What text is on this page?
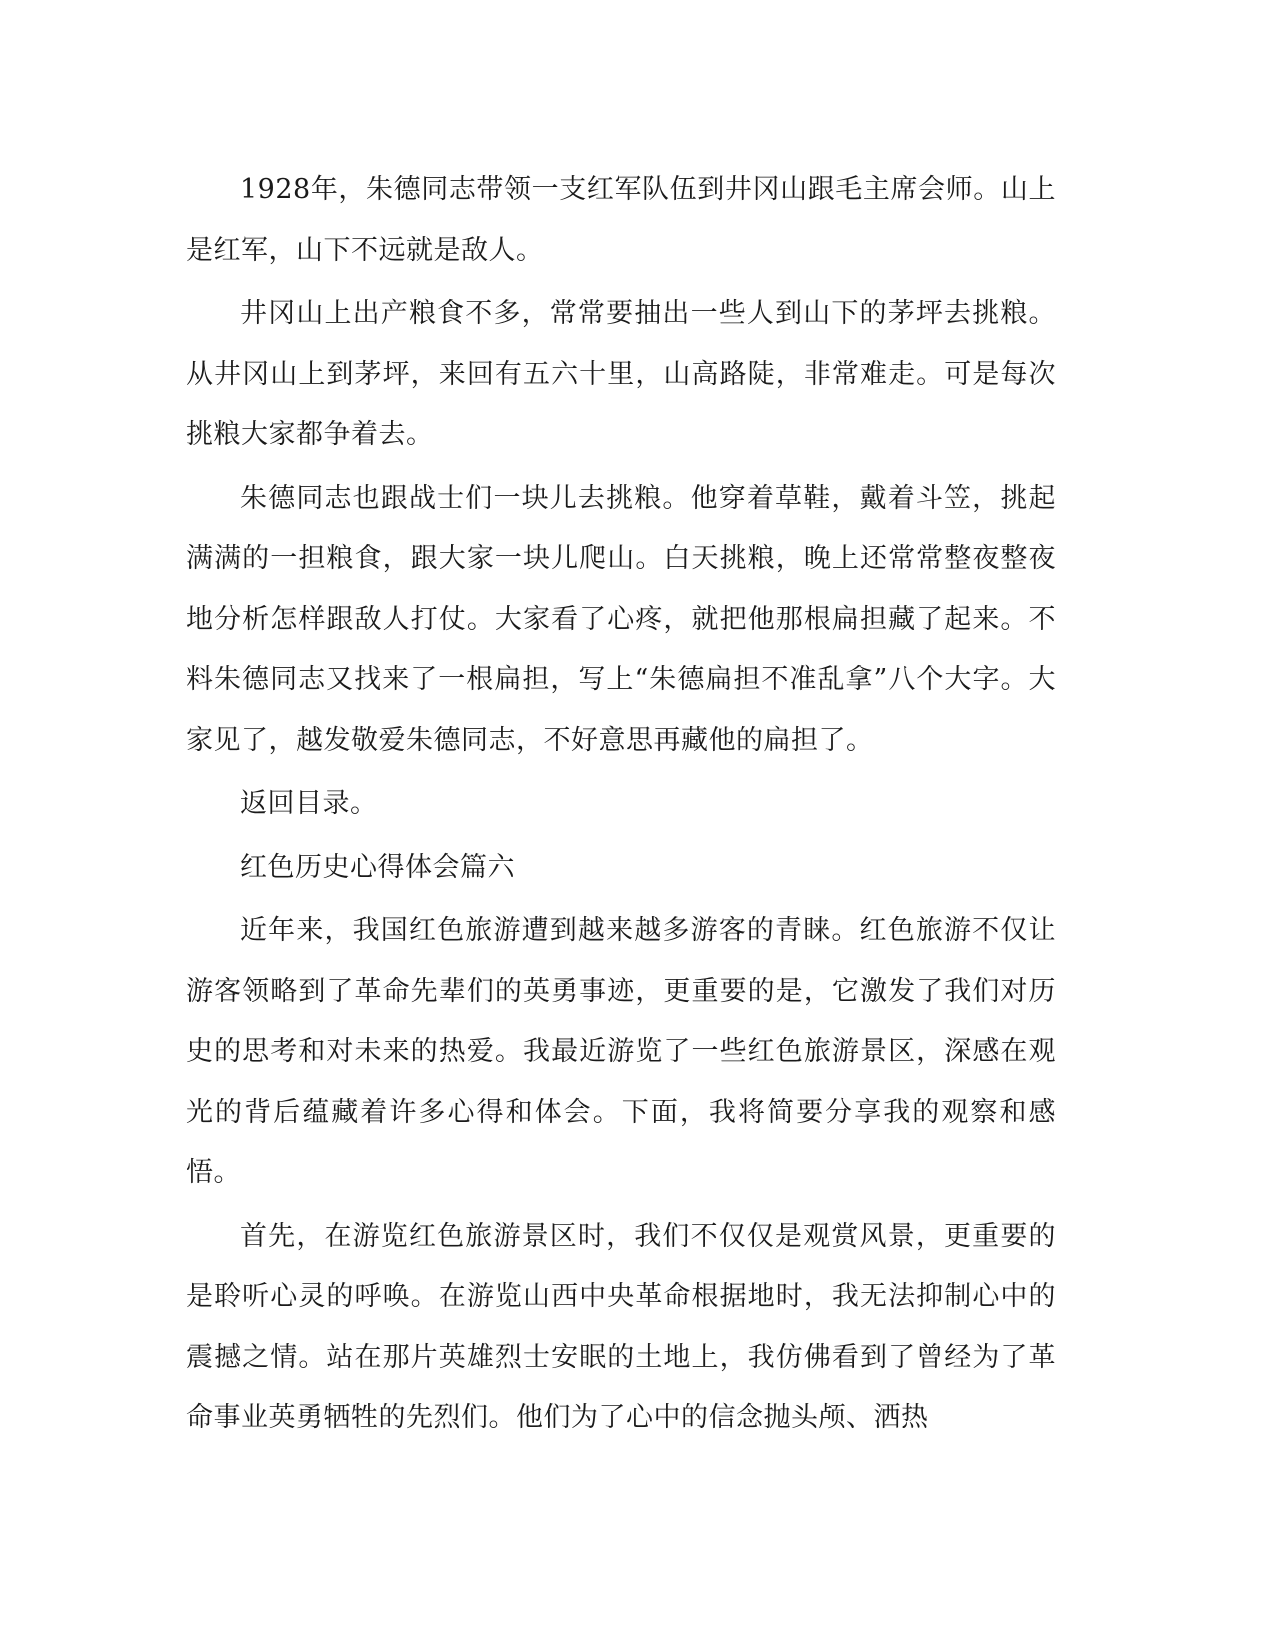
1928年，朱德同志带领一支红军队伍到井冈山跟毛主席会师。山上是红军，山下不远就是敌人。

井冈山上出产粮食不多，常常要抽出一些人到山下的茅坪去挑粮。从井冈山上到茅坪，来回有五六十里，山高路陡，非常难走。可是每次挑粮大家都争着去。

朱德同志也跟战士们一块儿去挑粮。他穿着草鞋，戴着斗笠，挑起满满的一担粮食，跟大家一块儿爬山。白天挑粮，晚上还常常整夜整夜地分析怎样跟敌人打仗。大家看了心疼，就把他那根扁担藏了起来。不料朱德同志又找来了一根扁担，写上“朱德扁担不准乱拿”八个大字。大家见了，越发敬爱朱德同志，不好意思再藏他的扁担了。

返回目录。

红色历史心得体会篇六

近年来，我国红色旅游遭到越来越多游客的青睐。红色旅游不仅让游客领略到了革命先辈们的英勇事迹，更重要的是，它激发了我们对历史的思考和对未来的热爱。我最近游览了一些红色旅游景区，深感在观光的背后蕴藏着许多心得和体会。下面，我将简要分享我的观察和感悟。

首先，在游览红色旅游景区时，我们不仅仅是观赏风景，更重要的是聆听心灵的呼唤。在游览山西中央革命根据地时，我无法抑制心中的震撼之情。站在那片英雄烈士安眠的土地上，我仿佛看到了曾经为了革命事业英勇牺牲的先烈们。他们为了心中的信念抛头颅、洒热
